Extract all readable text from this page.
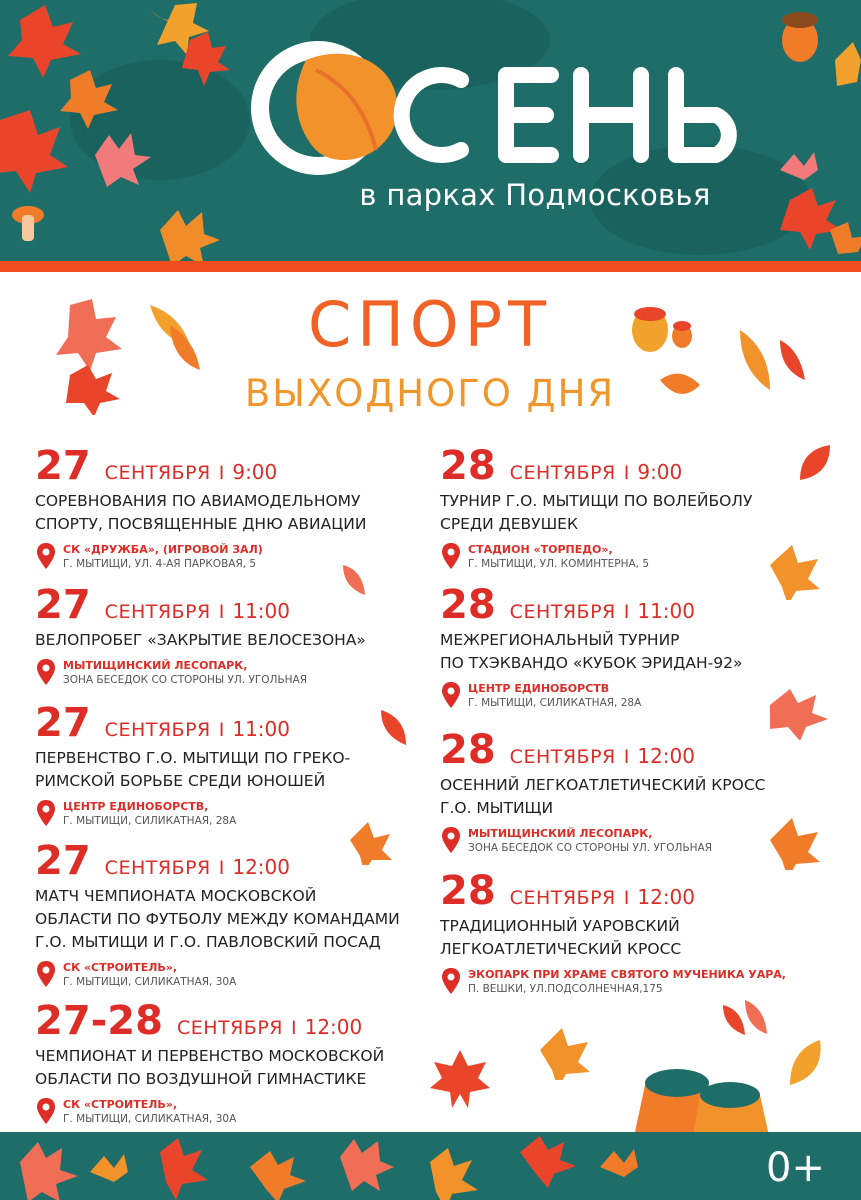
в парках Подмосковья
СПОРТ
ВЫХОДНОГО ДНЯ
27 СЕНТЯБРЯ I 9:00
СОРЕВНОВАНИЯ ПО АВИАМОДЕЛЬНОМУ
СПОРТУ, ПОСВЯЩЕННЫЕ ДНЮ АВИАЦИИ
СК «ДРУЖБА», (ИГРОВОЙ ЗАЛ)
Г. МЫТИЩИ, УЛ. 4-АЯ ПАРКОВАЯ, 5
27 СЕНТЯБРЯ I 11:00
ВЕЛОПРОБЕГ «ЗАКРЫТИЕ ВЕЛОСЕЗОНА»
МЫТИЩИНСКИЙ ЛЕСОПАРК,
ЗОНА БЕСЕДОК СО СТОРОНЫ УЛ. УГОЛЬНАЯ
27 СЕНТЯБРЯ I 11:00
ПЕРВЕНСТВО Г.О. МЫТИЩИ ПО ГРЕКО-
РИМСКОЙ БОРЬБЕ СРЕДИ ЮНОШЕЙ
ЦЕНТР ЕДИНОБОРСТВ,
Г. МЫТИЩИ, СИЛИКАТНАЯ, 28А
27 СЕНТЯБРЯ I 12:00
МАТЧ ЧЕМПИОНАТА МОСКОВСКОЙ
ОБЛАСТИ ПО ФУТБОЛУ МЕЖДУ КОМАНДАМИ
Г.О. МЫТИЩИ И Г.О. ПАВЛОВСКИЙ ПОСАД
СК «СТРОИТЕЛЬ»,
Г. МЫТИЩИ, СИЛИКАТНАЯ, 30А
27-28 СЕНТЯБРЯ I 12:00
ЧЕМПИОНАТ И ПЕРВЕНСТВО МОСКОВСКОЙ
ОБЛАСТИ ПО ВОЗДУШНОЙ ГИМНАСТИКЕ
СК «СТРОИТЕЛЬ»,
Г. МЫТИЩИ, СИЛИКАТНАЯ, 30А
28 СЕНТЯБРЯ I 9:00
ТУРНИР Г.О. МЫТИЩИ ПО ВОЛЕЙБОЛУ
СРЕДИ ДЕВУШЕК
СТАДИОН «ТОРПЕДО»,
Г. МЫТИЩИ, УЛ. КОМИНТЕРНА, 5
28 СЕНТЯБРЯ I 11:00
МЕЖРЕГИОНАЛЬНЫЙ ТУРНИР
ПО ТХЭКВАНДО «КУБОК ЭРИДАН-92»
ЦЕНТР ЕДИНОБОРСТВ
Г. МЫТИЩИ, СИЛИКАТНАЯ, 28А
28 СЕНТЯБРЯ I 12:00
ОСЕННИЙ ЛЕГКОАТЛЕТИЧЕСКИЙ КРОСС
Г.О. МЫТИЩИ
МЫТИЩИНСКИЙ ЛЕСОПАРК,
ЗОНА БЕСЕДОК СО СТОРОНЫ УЛ. УГОЛЬНАЯ
28 СЕНТЯБРЯ I 12:00
ТРАДИЦИОННЫЙ УАРОВСКИЙ
ЛЕГКОАТЛЕТИЧЕСКИЙ КРОСС
ЭКОПАРК ПРИ ХРАМЕ СВЯТОГО МУЧЕНИКА УАРА,
П. ВЕШКИ, УЛ.ПОДСОЛНЕЧНАЯ,175
0+
